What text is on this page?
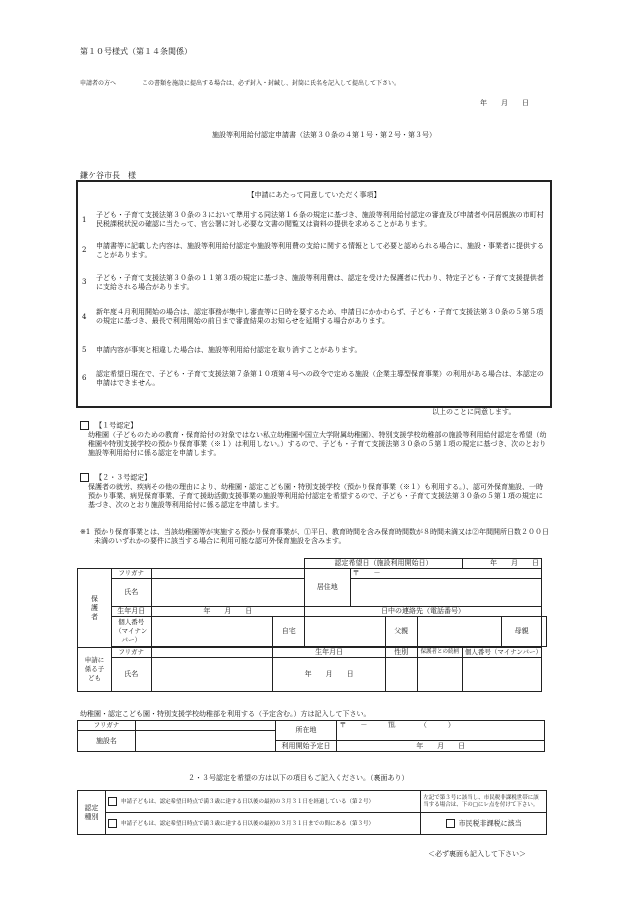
第１０号様式（第１４条関係）
申請者の方へ	この書類を施設に提出する場合は、必ず封入・封緘し、封筒に氏名を記入して提出して下さい。
年　　月　　日
施設等利用給付認定申請書（法第３０条の４第１号・第２号・第３号）
鎌ケ谷市長　様
【申請にあたって同意していただく事項】
1
子ども・子育て支援法第３０条の３において準用する同法第１６条の規定に基づき、施設等利用給付認定の審査及び申請者や同居親族の市町村民税課税状況の確認に当たって、官公署に対し必要な文書の閲覧又は資料の提供を求めることがあります。
2	申請書等に記載した内容は、施設等利用給付認定や施設等利用費の支給に関する情報として必要と認められる場合に、施設・事業者に提供することがあります。
3	子ども・子育て支援法第３０条の１１第３項の規定に基づき、施設等利用費は、認定を受けた保護者に代わり、特定子ども・子育て支援提供者に支給される場合があります。
4
新年度４月利用開始の場合は、認定事務が集中し審査等に日時を要するため、申請日にかかわらず、子ども・子育て支援法第３０条の５第５項の規定に基づき、最長で利用開始の前日まで審査結果のお知らせを延期する場合があります。
5	申請内容が事実と相違した場合は、施設等利用給付認定を取り消すことがあります。
6	認定希望日現在で、子ども・子育て支援法第７条第１０項第４号への政令で定める施設（企業主導型保育事業）の利用がある場合は、本認定の申請はできません。
以上のことに同意します。
【１号認定】
幼稚園（子どものための教育・保育給付の対象ではない私立幼稚園や国立大学附属幼稚園）、特別支援学校幼稚部の施設等利用給付認定を希望（幼稚園や特別支援学校の預かり保育事業（※１）は利用しない。）するので、子ども・子育て支援法第３０条の５第１項の規定に基づき、次のとおり施設等利用給付に係る認定を申請します。
【２・３号認定】
保護者の就労、疾病その他の理由により、幼稚園・認定こども園・特別支援学校（預かり保育事業（※１）も利用する。）、認可外保育施設、一時預かり事業、病児保育事業、子育て援助活動支援事業の施設等利用給付認定を希望するので、子ども・子育て支援法第３０条の５第１項の規定に基づき、次のとおり施設等利用給付に係る認定を申請します。
※1 預かり保育事業とは、当該幼稚園等が実施する預かり保育事業が、①平日、教育時間を含み保育時間数が８時間未満又は②年間開所日数２００日未満のいずれかの要件に該当する場合に利用可能な認可外保育施設を含みます。
				認定希望日（施設利用開始日）				年　　月　　日		
保護者	フリガナ			居住地	〒　　－					
	氏名									
	生年月日	年　　月　　日		日中の連絡先（電話番号）						
	個人番号（マイナンバー）		自宅			父親			母親	

申請に係る子ども	フリガナ		生年月日			性別	保護者との続柄	個人番号（マイナンバー）		
	氏名		年　　月　　日							
幼稚園・認定こども園・特別支援学校幼稚部を利用する（予定含む。）方は記入して下さい。
フリガナ		所在地	〒　　－　　　℡　　　　（　　　）
施設名			
		利用開始予定日	年　　月　　日
２・３号認定を希望の方は以下の項目もご記入ください。（裏面あり）
認定種別	申請子どもは、認定希望日時点で満３歳に達する日以後の最初の３月３１日を経過している（第２号）	左記で第３号に該当し、市民税非課税世帯に該当する場合は、下の□にレ点を付けて下さい。
	申請子どもは、認定希望日時点で満３歳に達する日以後の最初の３月３１日までの間にある（第３号）	市民税非課税に該当
＜必ず裏面も記入して下さい＞
